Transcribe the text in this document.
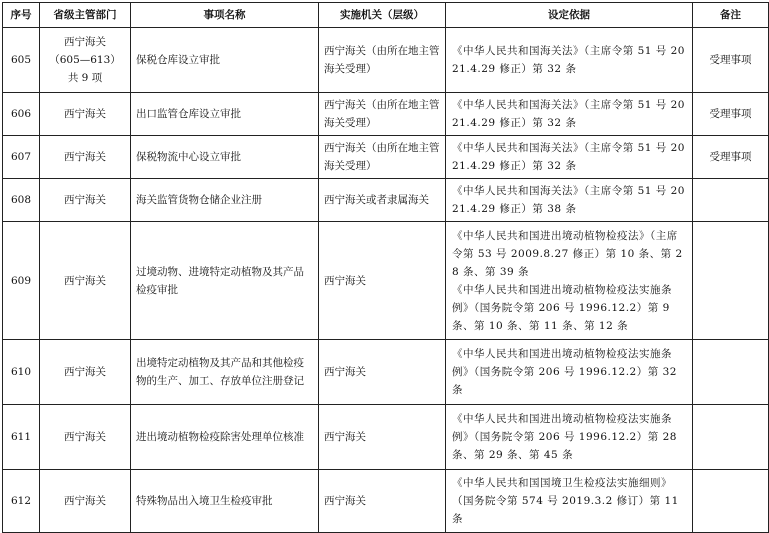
序号	省级主管部门	事项名称	实施机关（层级）	设定依据	备注
605	西宁海关
（605—613）
共 9 项	保税仓库设立审批	西宁海关（由所在地主管海关受理）	《中华人民共和国海关法》（主席令第 51 号 2021.4.29 修正）第 32 条	受理事项
606	西宁海关	出口监管仓库设立审批	西宁海关（由所在地主管海关受理）	《中华人民共和国海关法》（主席令第 51 号 2021.4.29 修正）第 32 条	受理事项
607	西宁海关	保税物流中心设立审批	西宁海关（由所在地主管海关受理）	《中华人民共和国海关法》（主席令第 51 号 2021.4.29 修正）第 32 条	受理事项
608	西宁海关	海关监管货物仓储企业注册	西宁海关或者隶属海关	《中华人民共和国海关法》（主席令第 51 号 2021.4.29 修正）第 38 条	

609	西宁海关	过境动物、进境特定动植物及其产品检疫审批	西宁海关	《中华人民共和国进出境动植物检疫法》（主席令第 53 号 2009.8.27 修正）第 10 条、第 28 条、第 39 条
《中华人民共和国进出境动植物检疫法实施条例》（国务院令第 206 号 1996.12.2）第 9 条、第 10 条、第 11 条、第 12 条	

610	西宁海关	出境特定动植物及其产品和其他检疫物的生产、加工、存放单位注册登记	西宁海关	《中华人民共和国进出境动植物检疫法实施条例》（国务院令第 206 号 1996.12.2）第 32 条	

611	西宁海关	进出境动植物检疫除害处理单位核准	西宁海关	《中华人民共和国进出境动植物检疫法实施条例》（国务院令第 206 号 1996.12.2）第 28 条、第 29 条、第 45 条	

612	西宁海关	特殊物品出入境卫生检疫审批	西宁海关	《中华人民共和国国境卫生检疫法实施细则》（国务院令第 574 号 2019.3.2 修订）第 11 条	
